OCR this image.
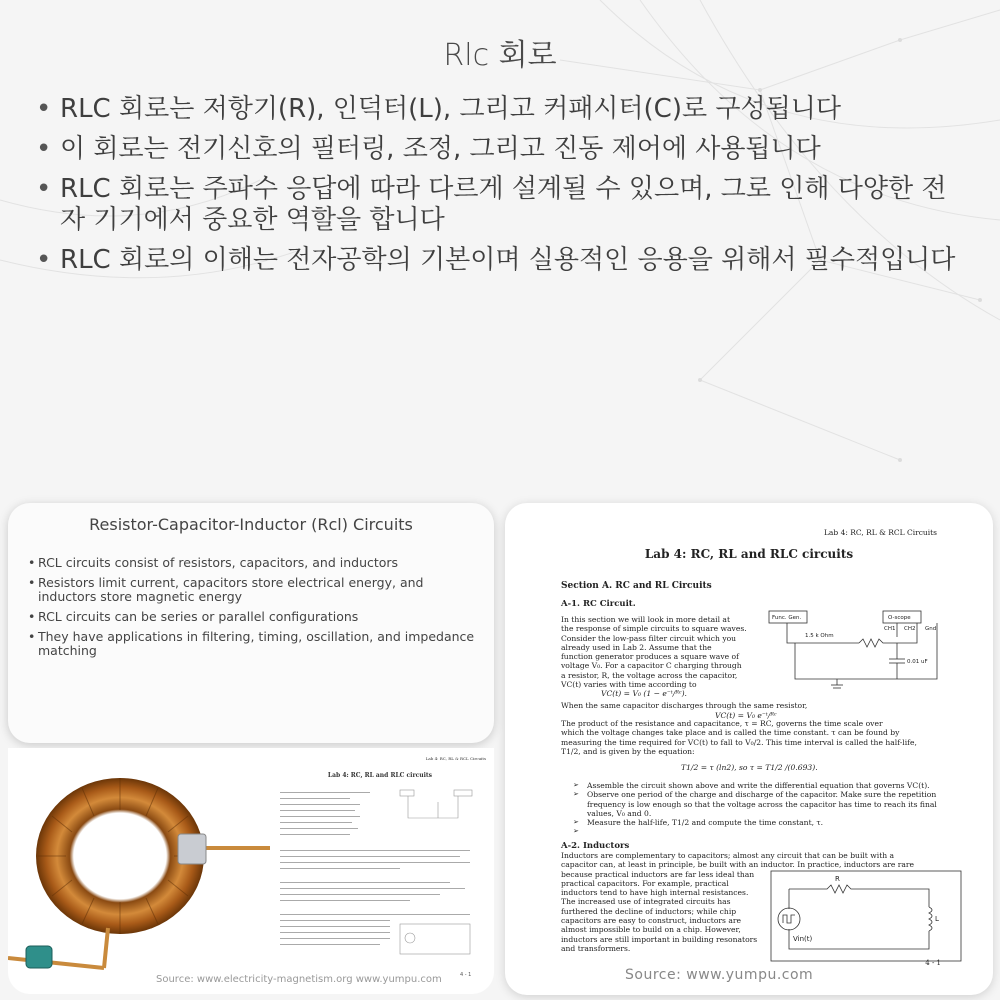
Rlc 회로
• RLC 회로는 저항기(R), 인덕터(L), 그리고 커패시터(C)로 구성됩니다
• 이 회로는 전기신호의 필터링, 조정, 그리고 진동 제어에 사용됩니다
• RLC 회로는 주파수 응답에 따라 다르게 설계될 수 있으며, 그로 인해 다양한 전자 기기에서 중요한 역할을 합니다
• RLC 회로의 이해는 전자공학의 기본이며 실용적인 응용을 위해서 필수적입니다
Resistor-Capacitor-Inductor (Rcl) Circuits
• RCL circuits consist of resistors, capacitors, and inductors
• Resistors limit current, capacitors store electrical energy, and inductors store magnetic energy
• RCL circuits can be series or parallel configurations
• They have applications in filtering, timing, oscillation, and impedance matching
Lab 4: RC, RL & RCL Circuits
Lab 4: RC, RL and RLC circuits
Source: www.electricity-magnetism.org www.yumpu.com	4 - 1
Lab 4: RC, RL & RCL Circuits
Lab 4: RC, RL and RLC circuits
Section A. RC and RL Circuits
A-1. RC Circuit.
In this section we will look in more detail at
the response of simple circuits to square waves.
Consider the low-pass filter circuit which you
already used in Lab 2. Assume that the
function generator produces a square wave of
voltage V₀. For a capacitor C charging through
a resistor, R, the voltage across the capacitor,
VC(t) varies with time according to
VC(t) = V₀ (1 − e⁻ᵗ/ᴿᶜ).
When the same capacitor discharges through the same resistor,
VC(t) = V₀ e⁻ᵗ/ᴿᶜ
The product of the resistance and capacitance, τ = RC, governs the time scale over
which the voltage changes take place and is called the time constant. τ can be found by
measuring the time required for VC(t) to fall to V₀/2. This time interval is called the half-life,
T1/2, and is given by the equation:
T1/2 = τ (ln2), so τ = T1/2 /(0.693).
➢ Assemble the circuit shown above and write the differential equation that governs VC(t).
➢ Observe one period of the charge and discharge of the capacitor. Make sure the repetition frequency is low enough so that the voltage across the capacitor has time to reach its final values, V₀ and 0.
➢ Measure the half-life, T1/2 and compute the time constant, τ.
A-2. Inductors
Inductors are complementary to capacitors; almost any circuit that can be built with a
capacitor can, at least in principle, be built with an inductor. In practice, inductors are rare
because practical inductors are far less ideal than
practical capacitors. For example, practical
inductors tend to have high internal resistances.
The increased use of integrated circuits has
furthered the decline of inductors; while chip
capacitors are easy to construct, inductors are
almost impossible to build on a chip. However,
inductors are still important in building resonators
and transformers.
Func. Gen.	O-scope
CH1 CH2 Gnd
1.5 k Ohm
0.01 uF
R
L
Vin(t)
Source: www.yumpu.com
4 - 1
